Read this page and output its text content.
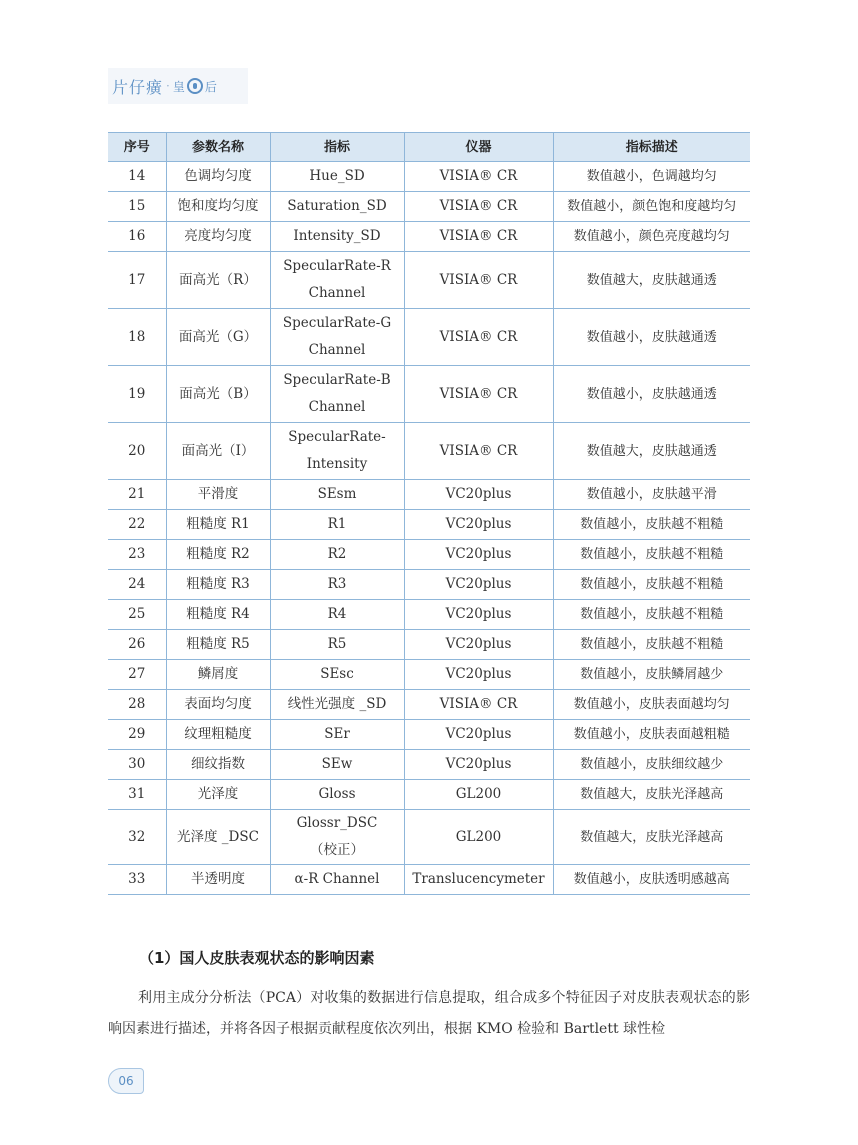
片仔癀 · 皇 后
序号	参数名称	指标	仪器	指标描述
14	色调均匀度	Hue_SD	VISIA® CR	数值越小，色调越均匀
15	饱和度均匀度	Saturation_SD	VISIA® CR	数值越小，颜色饱和度越均匀
16	亮度均匀度	Intensity_SD	VISIA® CR	数值越小，颜色亮度越均匀
17	面高光（R）	SpecularRate-R
Channel	VISIA® CR	数值越大，皮肤越通透
18	面高光（G）	SpecularRate-G
Channel	VISIA® CR	数值越小，皮肤越通透
19	面高光（B）	SpecularRate-B
Channel	VISIA® CR	数值越小，皮肤越通透
20	面高光（I）	SpecularRate-
Intensity	VISIA® CR	数值越大，皮肤越通透
21	平滑度	SEsm	VC20plus	数值越小，皮肤越平滑
22	粗糙度 R1	R1	VC20plus	数值越小，皮肤越不粗糙
23	粗糙度 R2	R2	VC20plus	数值越小，皮肤越不粗糙
24	粗糙度 R3	R3	VC20plus	数值越小，皮肤越不粗糙
25	粗糙度 R4	R4	VC20plus	数值越小，皮肤越不粗糙
26	粗糙度 R5	R5	VC20plus	数值越小，皮肤越不粗糙
27	鳞屑度	SEsc	VC20plus	数值越小，皮肤鳞屑越少
28	表面均匀度	线性光强度 _SD	VISIA® CR	数值越小，皮肤表面越均匀
29	纹理粗糙度	SEr	VC20plus	数值越小，皮肤表面越粗糙
30	细纹指数	SEw	VC20plus	数值越小，皮肤细纹越少
31	光泽度	Gloss	GL200	数值越大，皮肤光泽越高
32	光泽度 _DSC	Glossr_DSC
（校正）	GL200	数值越大，皮肤光泽越高
33	半透明度	α-R Channel	Translucencymeter	数值越小，皮肤透明感越高
（1）国人皮肤表观状态的影响因素

利用主成分分析法（PCA）对收集的数据进行信息提取，组合成多个特征因子对皮肤表观状态的影响因素进行描述，并将各因子根据贡献程度依次列出，根据 KMO 检验和 Bartlett 球性检

06
